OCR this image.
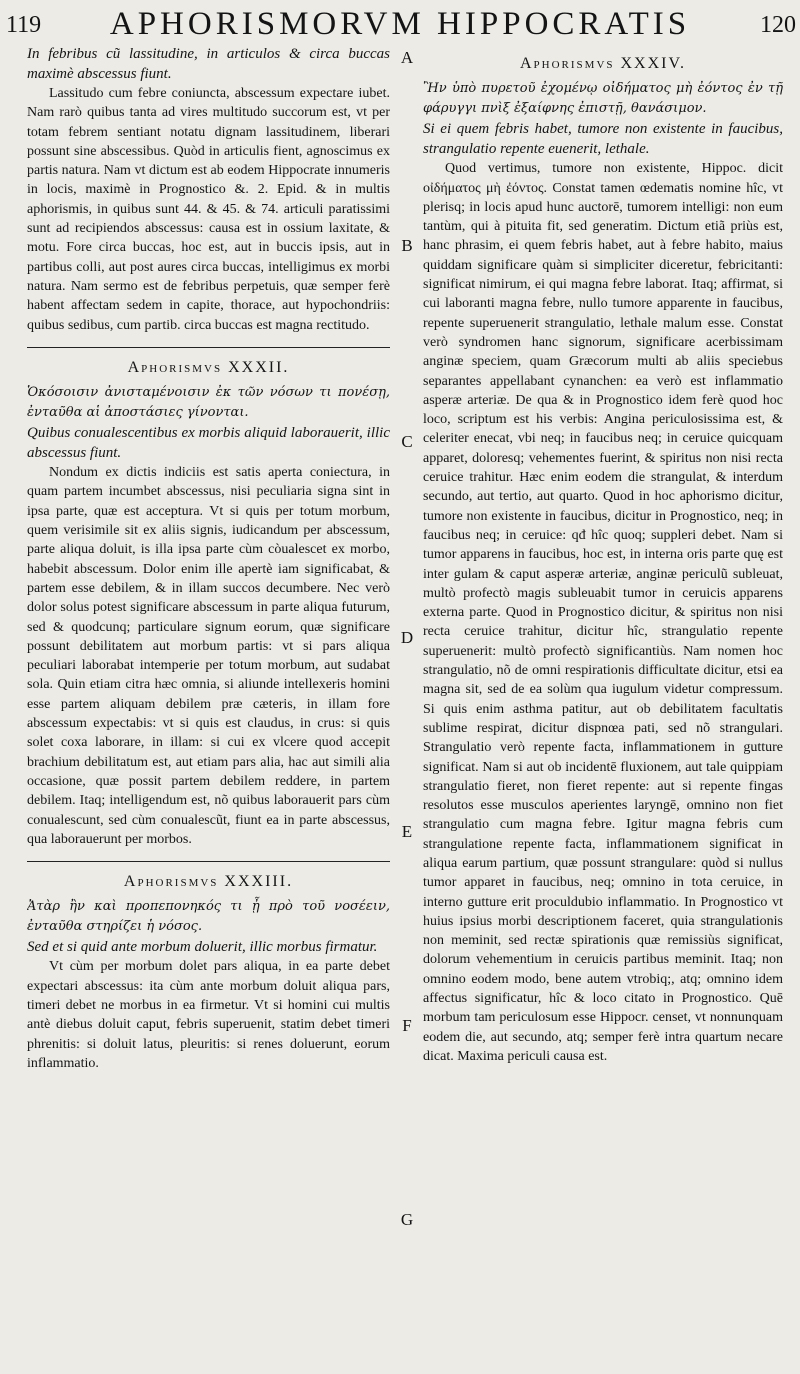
119	APHORISMORVM HIPPOCRATIS	120

In febribus cũ lassitudine, in articulos & circa buccas maximè abscessus fiunt.

Lassitudo cum febre coniuncta, abscessum expectare iubet. Nam rarò quibus tanta ad vires multitudo succorum est, vt per totam febrem sentiant notatu dignam lassitudinem, liberari possunt sine abscessibus. Quòd in articulis fient, agnoscimus ex partis natura. Nam vt dictum est ab eodem Hippocrate innumeris in locis, maximè in Prognostico &. 2. Epid. & in multis aphorismis, in quibus sunt 44. & 45. & 74. articuli paratissimi sunt ad recipiendos abscessus: causa est in ossium laxitate, & motu. Fore circa buccas, hoc est, aut in buccis ipsis, aut in partibus colli, aut post aures circa buccas, intelligimus ex morbi natura. Nam sermo est de febribus perpetuis, quæ semper ferè habent affectam sedem in capite, thorace, aut hypochondriis: quibus sedibus, cum partib. circa buccas est magna rectitudo.

Aphorismvs XXXII.

Ὁκόσοισιν ἀνισταμένοισιν ἐκ τῶν νόσων τι πονέσῃ, ἐνταῦθα αἱ ἀποστάσιες γίνονται.

Quibus conualescentibus ex morbis aliquid laborauerit, illic abscessus fiunt.

Nondum ex dictis indiciis est satis aperta coniectura, in quam partem incumbet abscessus, nisi peculiaria signa sint in ipsa parte, quæ est acceptura. Vt si quis per totum morbum, quem verisimile sit ex aliis signis, iudicandum per abscessum, parte aliqua doluit, is illa ipsa parte cùm còualescet ex morbo, habebit abscessum. Dolor enim ille apertè iam significabat, & partem esse debilem, & in illam succos decumbere. Nec verò dolor solus potest significare abscessum in parte aliqua futurum, sed & quodcunq; particulare signum eorum, quæ significare possunt debilitatem aut morbum partis: vt si pars aliqua peculiari laborabat intemperie per totum morbum, aut sudabat sola. Quin etiam citra hæc omnia, si aliunde intellexeris homini esse partem aliquam debilem præ cæteris, in illam fore abscessum expectabis: vt si quis est claudus, in crus: si quis solet coxa laborare, in illam: si cui ex vlcere quod accepit brachium debilitatum est, aut etiam pars alia, hac aut simili alia occasione, quæ possit partem debilem reddere, in partem debilem. Itaq; intelligendum est, nõ quibus laborauerit pars cùm conualescunt, sed cùm conualescũt, fiunt ea in parte abscessus, qua laborauerunt per morbos.

Aphorismvs XXXIII.

Ἀτὰρ ἢν καὶ προπεπονηκός τι ᾖ πρὸ τοῦ νοσέειν, ἐνταῦθα στηρίζει ἡ νόσος.

Sed et si quid ante morbum doluerit, illic morbus firmatur.

Vt cùm per morbum dolet pars aliqua, in ea parte debet expectari abscessus: ita cùm ante morbum doluit aliqua pars, timeri debet ne morbus in ea firmetur. Vt si homini cui multis antè diebus doluit caput, febris superuenit, statim debet timeri phrenitis: si doluit latus, pleuritis: si renes doluerunt, eorum inflammatio.

A
B
C
D
E
F
G
Aphorismvs XXXIV.

Ἢν ὑπὸ πυρετοῦ ἐχομένῳ οἰδήματος μὴ ἐόντος ἐν τῇ φάρυγγι πνὶξ ἐξαίφνης ἐπιστῇ, θανάσιμον.

Si ei quem febris habet, tumore non existente in faucibus, strangulatio repente euenerit, lethale.

Quod vertimus, tumore non existente, Hippoc. dicit οἰδήματος μὴ ἐόντος. Constat tamen œdematis nomine hîc, vt plerisq; in locis apud hunc auctorē, tumorem intelligi: non eum tantùm, qui à pituita fit, sed generatim. Dictum etiã priùs est, hanc phrasim, ei quem febris habet, aut à febre habito, maius quiddam significare quàm si simpliciter diceretur, febricitanti: significat nimirum, ei qui magna febre laborat. Itaq; affirmat, si cui laboranti magna febre, nullo tumore apparente in faucibus, repente superuenerit strangulatio, lethale malum esse. Constat verò syndromen hanc signorum, significare acerbissimam anginæ speciem, quam Græcorum multi ab aliis speciebus separantes appellabant cynanchen: ea verò est inflammatio asperæ arteriæ. De qua & in Prognostico idem ferè quod hoc loco, scriptum est his verbis: Angina periculosissima est, & celeriter enecat, vbi neq; in faucibus neq; in ceruice quicquam apparet, doloresq; vehementes fuerint, & spiritus non nisi recta ceruice trahitur. Hæc enim eodem die strangulat, & interdum secundo, aut tertio, aut quarto. Quod in hoc aphorismo dicitur, tumore non existente in faucibus, dicitur in Prognostico, neq; in faucibus neq; in ceruice: qđ hîc quoq; suppleri debet. Nam si tumor apparens in faucibus, hoc est, in interna oris parte quę est inter gulam & caput asperæ arteriæ, anginæ periculũ subleuat, multò profectò magis subleuabit tumor in ceruicis apparens externa parte. Quod in Prognostico dicitur, & spiritus non nisi recta ceruice trahitur, dicitur hîc, strangulatio repente superuenerit: multò profectò significantiùs. Nam nomen hoc strangulatio, nõ de omni respirationis difficultate dicitur, etsi ea magna sit, sed de ea solùm qua iugulum videtur compressum. Si quis enim asthma patitur, aut ob debilitatem facultatis sublime respirat, dicitur dispnœa pati, sed nõ strangulari. Strangulatio verò repente facta, inflammationem in gutture significat. Nam si aut ob incidentē fluxionem, aut tale quippiam strangulatio fieret, non fieret repente: aut si repente fingas resolutos esse musculos aperientes laryngē, omnino non fiet strangulatio cum magna febre. Igitur magna febris cum strangulatione repente facta, inflammationem significat in aliqua earum partium, quæ possunt strangulare: quòd si nullus tumor apparet in faucibus, neq; omnino in tota ceruice, in interno gutture erit proculdubio inflammatio. In Prognostico vt huius ipsius morbi descriptionem faceret, quia strangulationis non meminit, sed rectæ spirationis quæ remissiùs significat, dolorum vehementium in ceruicis partibus meminit. Itaq; non omnino eodem modo, bene autem vtrobiq;, atq; omnino idem affectus significatur, hîc & loco citato in Prognostico. Quē morbum tam periculosum esse Hippocr. censet, vt nonnunquam eodem die, aut secundo, atq; semper ferè intra quartum necare dicat. Maxima periculi causa est.
